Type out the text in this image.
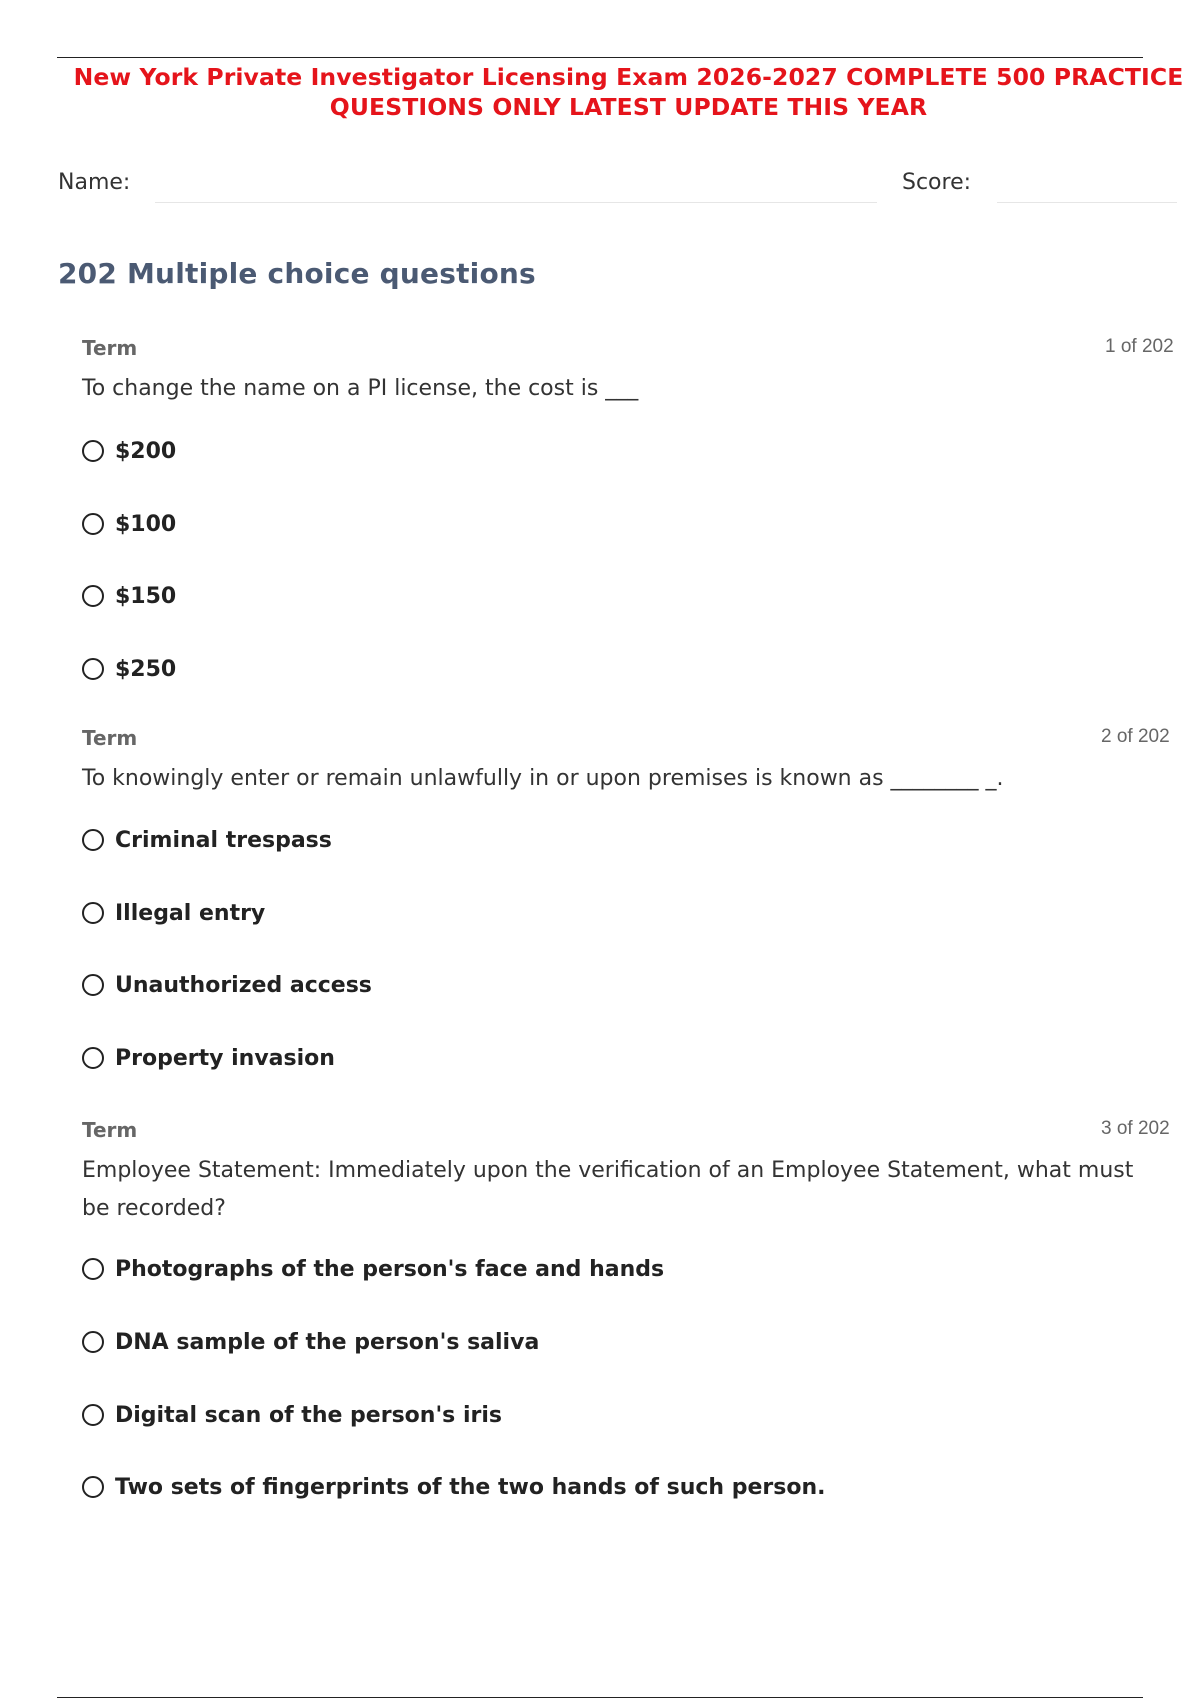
New York Private Investigator Licensing Exam 2026-2027 COMPLETE 500 PRACTICE
QUESTIONS ONLY LATEST UPDATE THIS YEAR
Name:	Score:
202 Multiple choice questions
Term	1 of 202
To change the name on a PI license, the cost is ___
$200
$100
$150
$250
Term	2 of 202
To knowingly enter or remain unlawfully in or upon premises is known as ________ _.
Criminal trespass
Illegal entry
Unauthorized access
Property invasion
Term	3 of 202
Employee Statement: Immediately upon the verification of an Employee Statement, what must be recorded?
Photographs of the person's face and hands
DNA sample of the person's saliva
Digital scan of the person's iris
Two sets of fingerprints of the two hands of such person.
